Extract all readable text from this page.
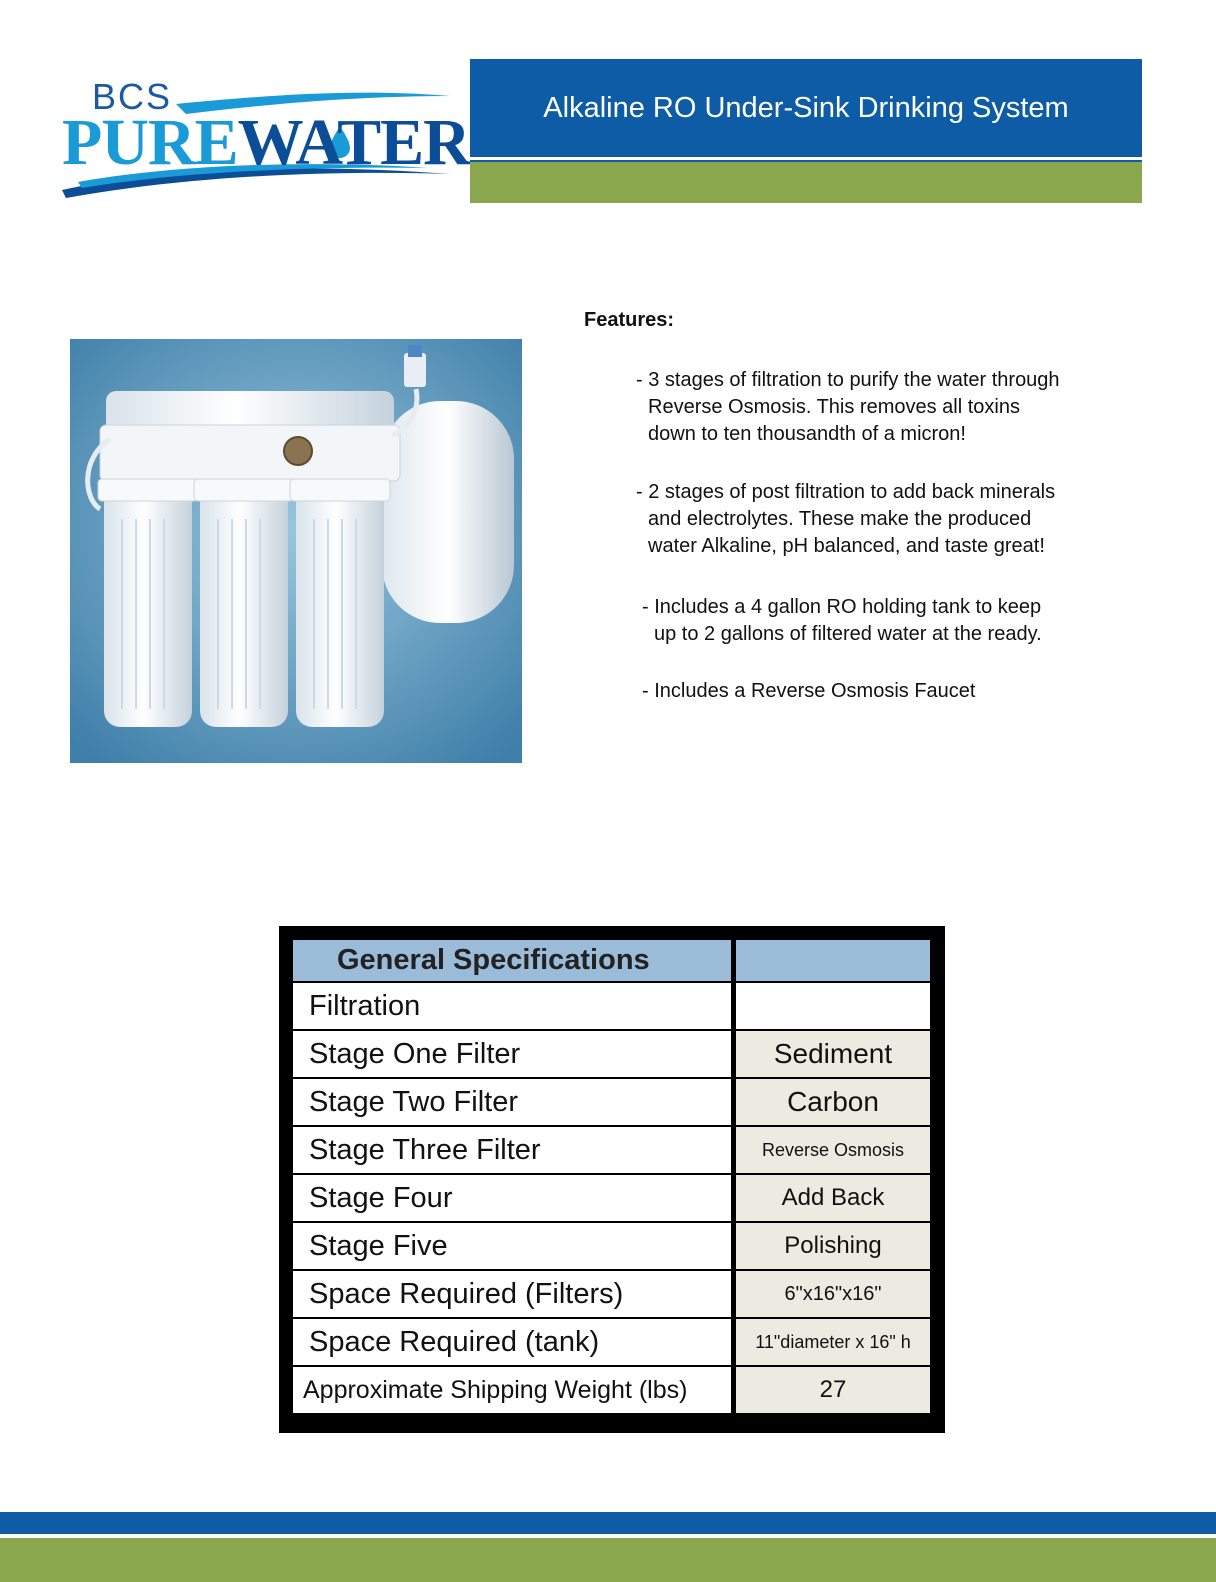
BCS
PUREWATER	Alkaline RO Under-Sink Drinking System
Features:
- 3 stages of filtration to purify the water through
Reverse Osmosis. This removes all toxins
down to ten thousandth of a micron!
- 2 stages of post filtration to add back minerals
and electrolytes. These make the produced
water Alkaline, pH balanced, and taste great!
- Includes a 4 gallon RO holding tank to keep
up to 2 gallons of filtered water at the ready.
- Includes a Reverse Osmosis Faucet
General Specifications
Filtration
Stage One Filter	Sediment
Stage Two Filter	Carbon
Stage Three Filter	Reverse Osmosis
Stage Four	Add Back
Stage Five	Polishing
Space Required (Filters)	6"x16"x16"
Space Required (tank)	11"diameter x 16" h
Approximate Shipping Weight (lbs)	27
